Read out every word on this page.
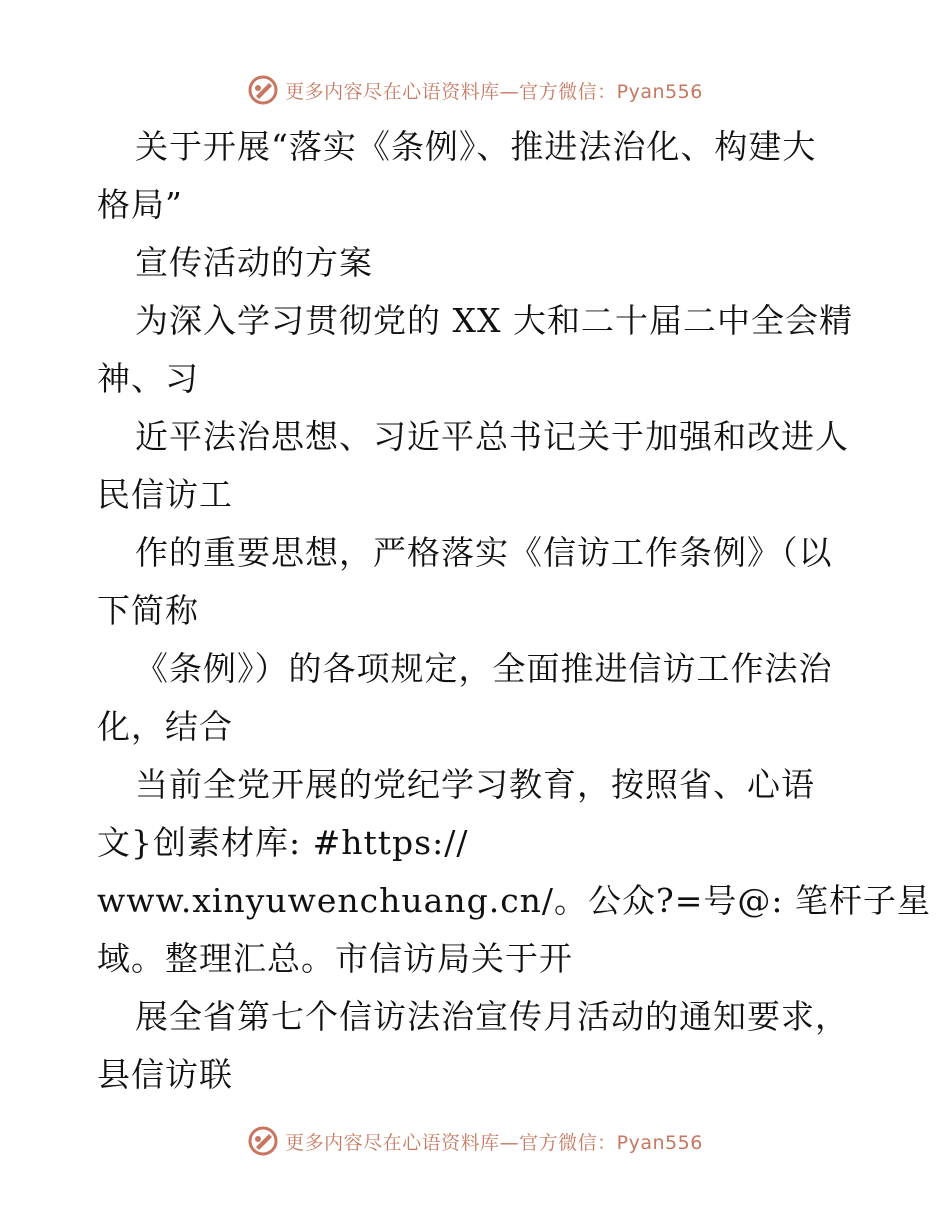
更多内容尽在心语资料库—官方微信：Pyan556
关于开展“落实《条例》、推进法治化、构建大
格局”
宣传活动的方案
为深入学习贯彻党的 XX 大和二十届二中全会精
神、习
近平法治思想、习近平总书记关于加强和改进人
民信访工
作的重要思想，严格落实《信访工作条例》（以
下简称
《条例》）的各项规定，全面推进信访工作法治
化，结合
当前全党开展的党纪学习教育，按照省、心语
文}创素材库: #https://
www.xinyuwenchuang.cn/。公众?=号@: 笔杆子星
域。整理汇总。市信访局关于开
展全省第七个信访法治宣传月活动的通知要求，
县信访联
更多内容尽在心语资料库—官方微信：Pyan556
